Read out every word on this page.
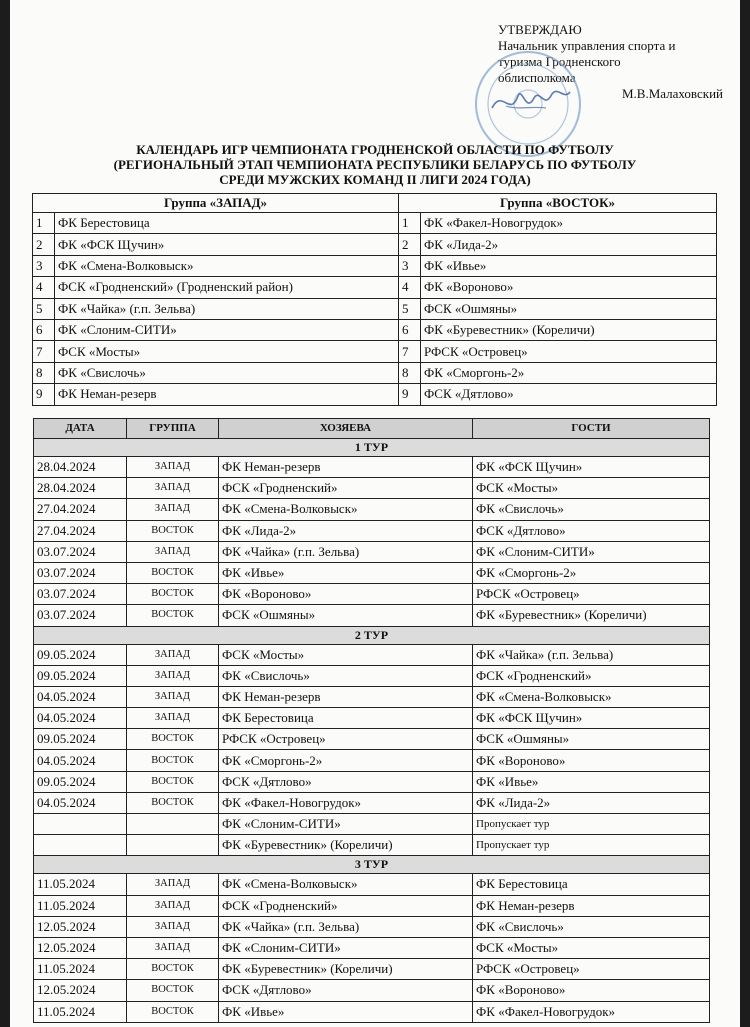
УТВЕРЖДАЮ
Начальник управления спорта и
туризма Гродненского
облисполкома
М.В.Малаховский
КАЛЕНДАРЬ ИГР ЧЕМПИОНАТА ГРОДНЕНСКОЙ ОБЛАСТИ ПО ФУТБОЛУ
(РЕГИОНАЛЬНЫЙ ЭТАП ЧЕМПИОНАТА РЕСПУБЛИКИ БЕЛАРУСЬ ПО ФУТБОЛУ
СРЕДИ МУЖСКИХ КОМАНД II ЛИГИ 2024 ГОДА)
Группа «ЗАПАД»		Группа «ВОСТОК»	
1	ФК Берестовица	1	ФК «Факел-Новогрудок»
2	ФК «ФСК Щучин»	2	ФК «Лида-2»
3	ФК «Смена-Волковыск»	3	ФК «Ивье»
4	ФСК «Гродненский» (Гродненский район)	4	ФК «Вороново»
5	ФК «Чайка» (г.п. Зельва)	5	ФСК «Ошмяны»
6	ФК «Слоним-СИТИ»	6	ФК «Буревестник» (Кореличи)
7	ФСК «Мосты»	7	РФСК «Островец»
8	ФК «Свислочь»	8	ФК «Сморгонь-2»
9	ФК Неман-резерв	9	ФСК «Дятлово»
ДАТА	ГРУППА	ХОЗЯЕВА	ГОСТИ
1 ТУР			
28.04.2024	ЗАПАД	ФК Неман-резерв	ФК «ФСК Щучин»
28.04.2024	ЗАПАД	ФСК «Гродненский»	ФСК «Мосты»
27.04.2024	ЗАПАД	ФК «Смена-Волковыск»	ФК «Свислочь»
27.04.2024	ВОСТОК	ФК «Лида-2»	ФСК «Дятлово»
03.07.2024	ЗАПАД	ФК «Чайка» (г.п. Зельва)	ФК «Слоним-СИТИ»
03.07.2024	ВОСТОК	ФК «Ивье»	ФК «Сморгонь-2»
03.07.2024	ВОСТОК	ФК «Вороново»	РФСК «Островец»
03.07.2024	ВОСТОК	ФСК «Ошмяны»	ФК «Буревестник» (Кореличи)
2 ТУР			
09.05.2024	ЗАПАД	ФСК «Мосты»	ФК «Чайка» (г.п. Зельва)
09.05.2024	ЗАПАД	ФК «Свислочь»	ФСК «Гродненский»
04.05.2024	ЗАПАД	ФК Неман-резерв	ФК «Смена-Волковыск»
04.05.2024	ЗАПАД	ФК Берестовица	ФК «ФСК Щучин»
09.05.2024	ВОСТОК	РФСК «Островец»	ФСК «Ошмяны»
04.05.2024	ВОСТОК	ФК «Сморгонь-2»	ФК «Вороново»
09.05.2024	ВОСТОК	ФСК «Дятлово»	ФК «Ивье»
04.05.2024	ВОСТОК	ФК «Факел-Новогрудок»	ФК «Лида-2»
		ФК «Слоним-СИТИ»	Пропускает тур
		ФК «Буревестник» (Кореличи)	Пропускает тур
3 ТУР			
11.05.2024	ЗАПАД	ФК «Смена-Волковыск»	ФК Берестовица
11.05.2024	ЗАПАД	ФСК «Гродненский»	ФК Неман-резерв
12.05.2024	ЗАПАД	ФК «Чайка» (г.п. Зельва)	ФК «Свислочь»
12.05.2024	ЗАПАД	ФК «Слоним-СИТИ»	ФСК «Мосты»
11.05.2024	ВОСТОК	ФК «Буревестник» (Кореличи)	РФСК «Островец»
12.05.2024	ВОСТОК	ФСК «Дятлово»	ФК «Вороново»
11.05.2024	ВОСТОК	ФК «Ивье»	ФК «Факел-Новогрудок»
